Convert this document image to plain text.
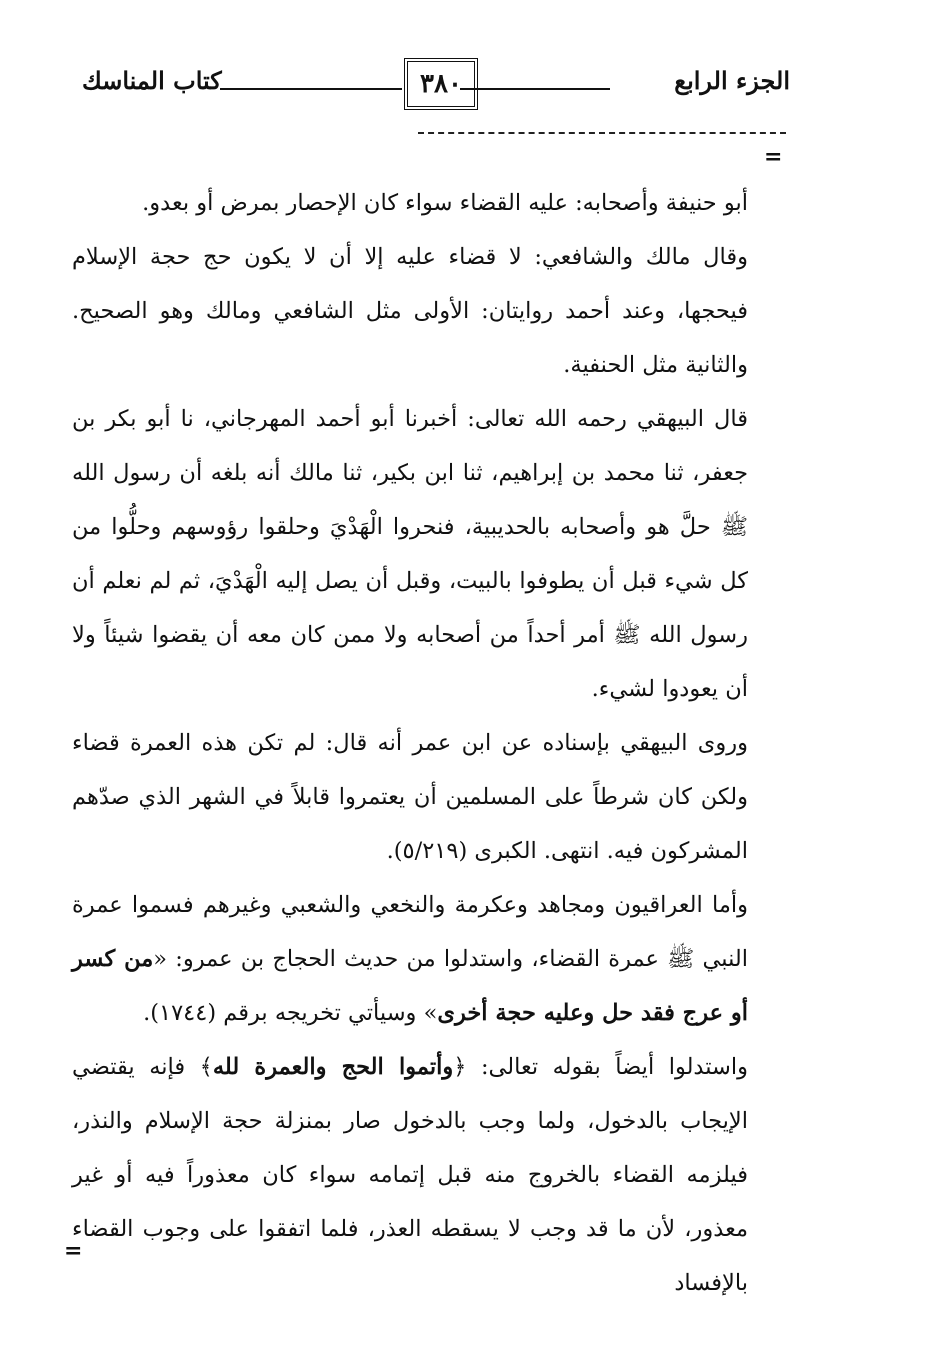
الجزء الرابع
٣٨٠
كتاب المناسك
=

أبو حنيفة وأصحابه: عليه القضاء سواء كان الإحصار بمرض أو بعدو.

وقال مالك والشافعي: لا قضاء عليه إلا أن لا يكون حج حجة الإسلام فيحجها، وعند أحمد روايتان: الأولى مثل الشافعي ومالك وهو الصحيح. والثانية مثل الحنفية.

قال البيهقي رحمه الله تعالى: أخبرنا أبو أحمد المهرجاني، نا أبو بكر بن جعفر، ثنا محمد بن إبراهيم، ثنا ابن بكير، ثنا مالك أنه بلغه أن رسول الله ﷺ حلَّ هو وأصحابه بالحديبية، فنحروا الْهَدْيَ وحلقوا رؤوسهم وحلُّوا من كل شيء قبل أن يطوفوا بالبيت، وقبل أن يصل إليه الْهَدْيَ، ثم لم نعلم أن رسول الله ﷺ أمر أحداً من أصحابه ولا ممن كان معه أن يقضوا شيئاً ولا أن يعودوا لشيء.

وروى البيهقي بإسناده عن ابن عمر أنه قال: لم تكن هذه العمرة قضاء ولكن كان شرطاً على المسلمين أن يعتمروا قابلاً في الشهر الذي صدّهم المشركون فيه. انتهى. الكبرى (٥/٢١٩).

وأما العراقيون ومجاهد وعكرمة والنخعي والشعبي وغيرهم فسموا عمرة النبي ﷺ عمرة القضاء، واستدلوا من حديث الحجاج بن عمرو: «من كسر أو عرج فقد حل وعليه حجة أخرى» وسيأتي تخريجه برقم (١٧٤٤).

واستدلوا أيضاً بقوله تعالى: ﴿وأتموا الحج والعمرة لله﴾ فإنه يقتضي الإيجاب بالدخول، ولما وجب بالدخول صار بمنزلة حجة الإسلام والنذر، فيلزمه القضاء بالخروج منه قبل إتمامه سواء كان معذوراً فيه أو غير معذور، لأن ما قد وجب لا يسقطه العذر، فلما اتفقوا على وجوب القضاء بالإفساد

=
